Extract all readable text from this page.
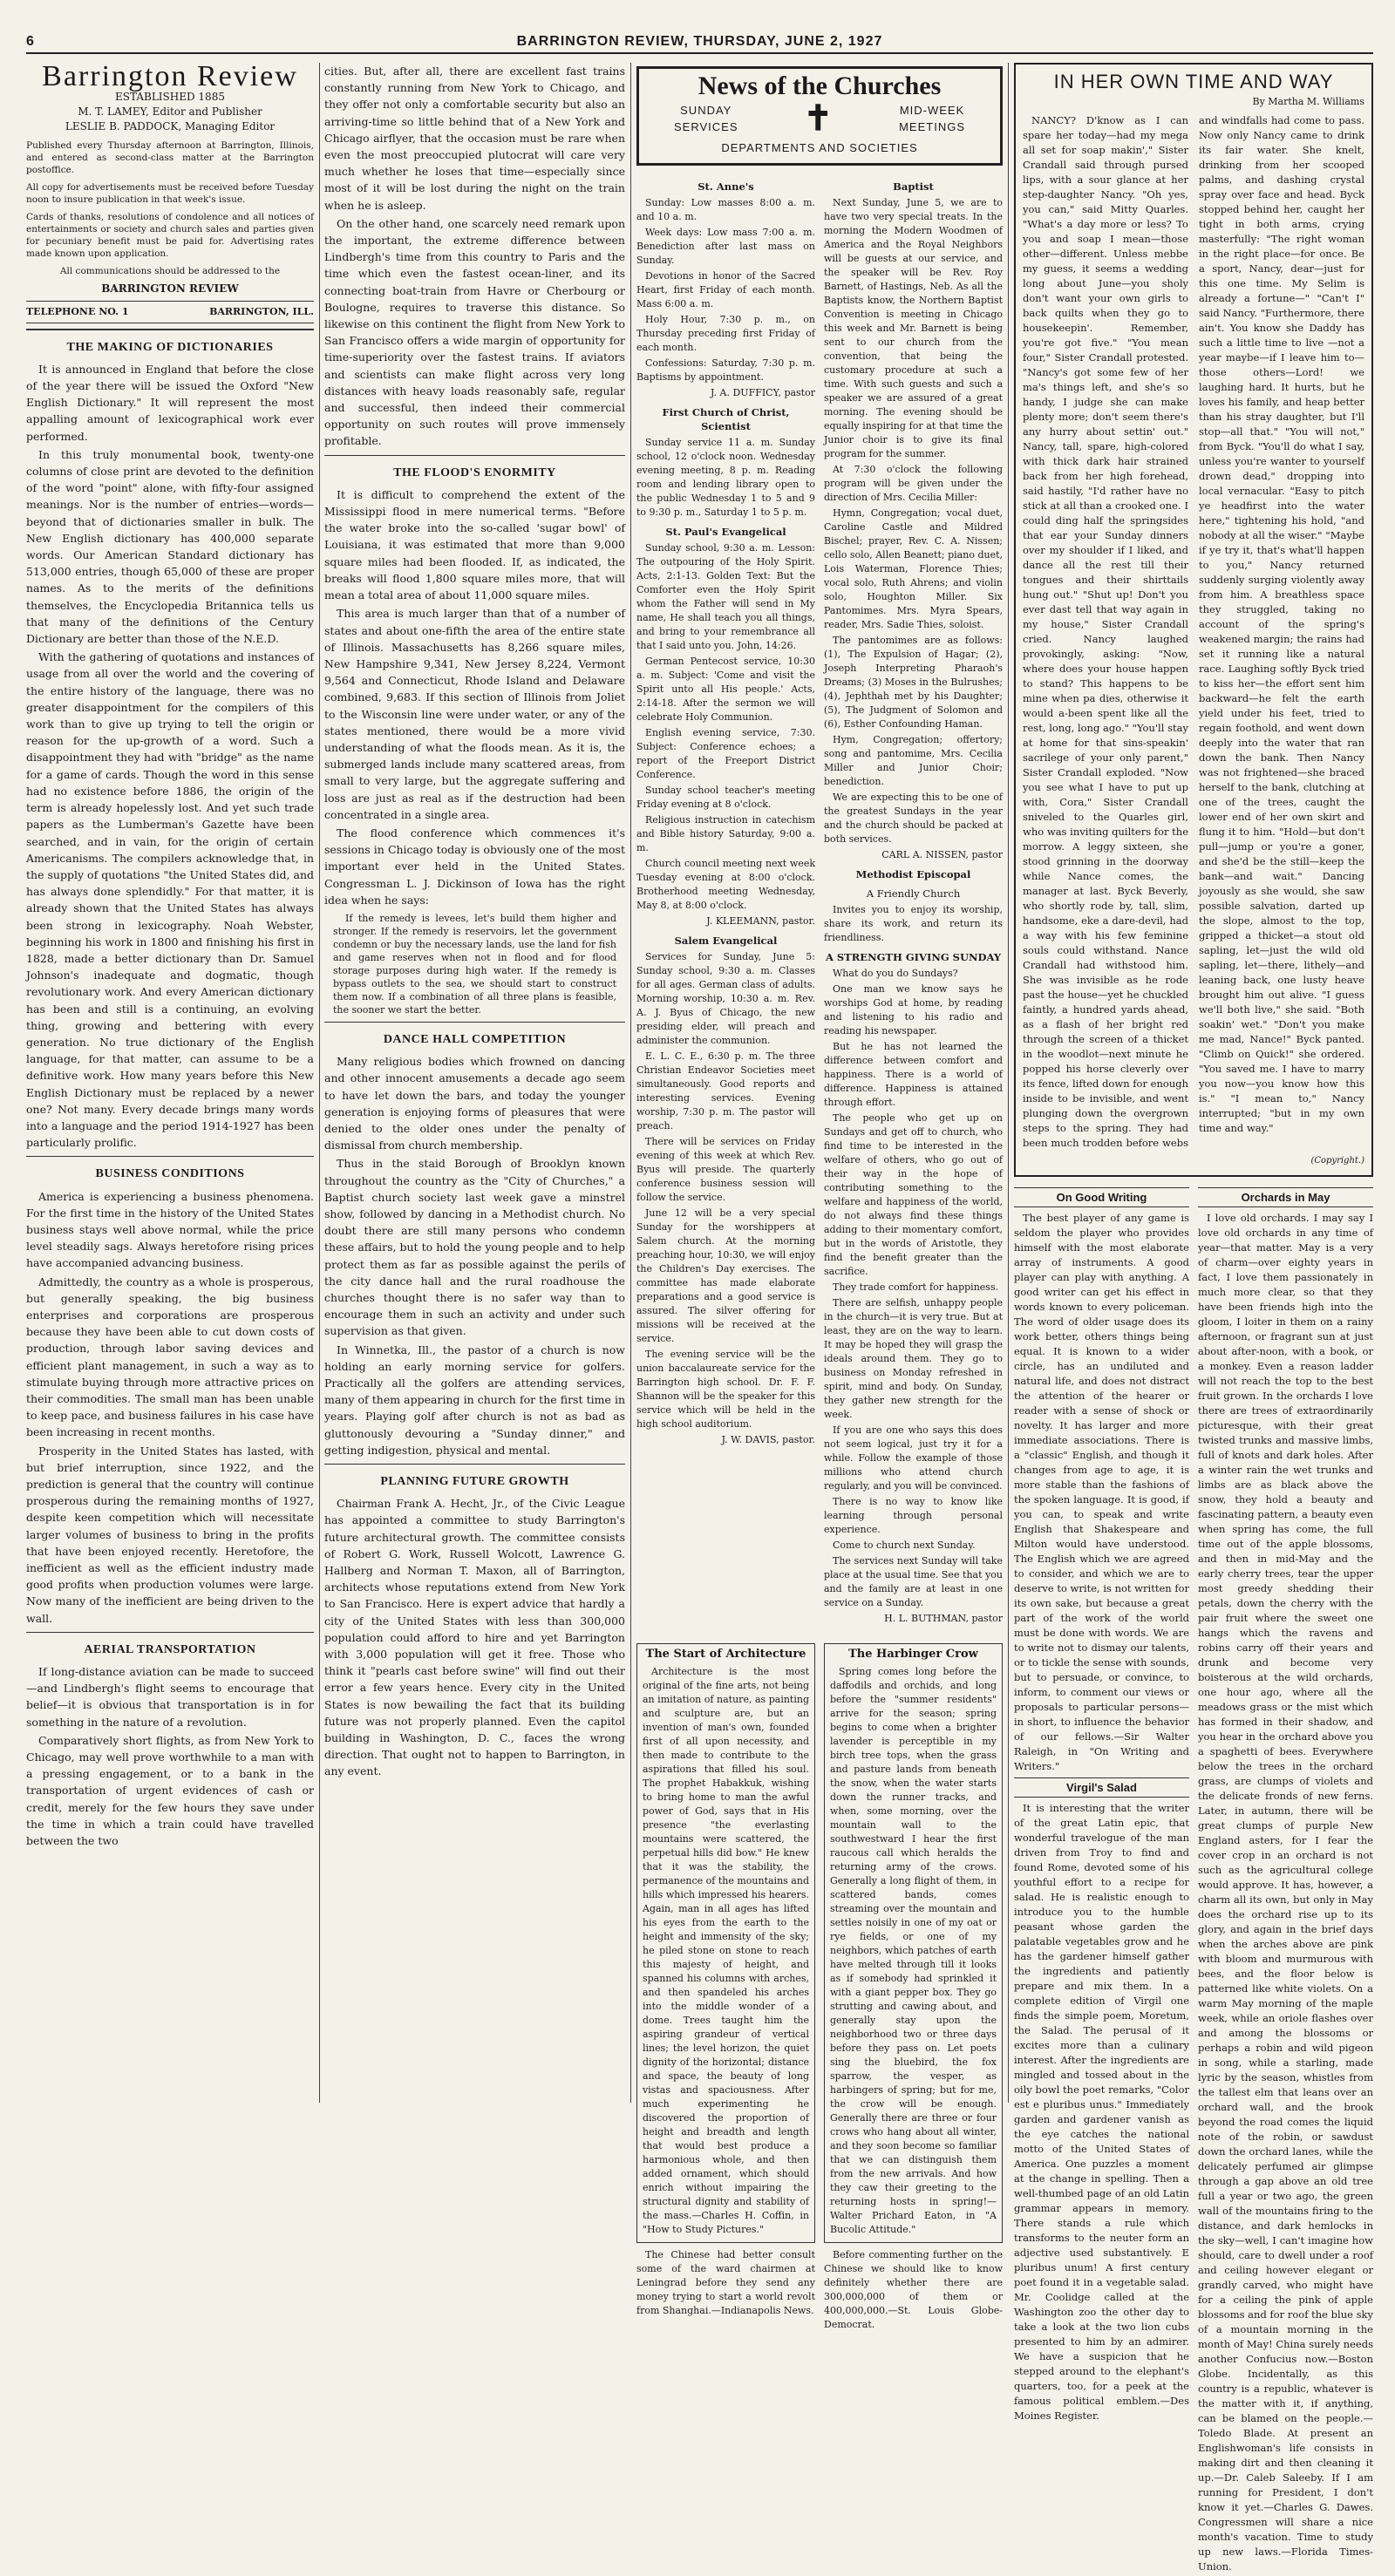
6	BARRINGTON REVIEW, THURSDAY, JUNE 2, 1927
Barrington Review
ESTABLISHED 1885
M. T. LAMEY, Editor and Publisher
LESLIE B. PADDOCK, Managing Editor
Published every Thursday afternoon at Barrington, Illinois, and entered as second-class matter at the Barrington postoffice.
All copy for advertisements must be received before Tuesday noon to insure publication in that week's issue.
Cards of thanks, resolutions of condolence and all notices of entertainments or society and church sales and parties given for pecuniary benefit must be paid for. Advertising rates made known upon application.
All communications should be addressed to the
BARRINGTON REVIEW
TELEPHONE NO. 1	BARRINGTON, ILL.
THE MAKING OF DICTIONARIES

It is announced in England that before the close of the year there will be issued the Oxford "New English Dictionary." It will represent the most appalling amount of lexicographical work ever performed.

In this truly monumental book, twenty-one columns of close print are devoted to the definition of the word "point" alone, with fifty-four assigned meanings. Nor is the number of entries—words—beyond that of dictionaries smaller in bulk. The New English dictionary has 400,000 separate words. Our American Standard dictionary has 513,000 entries, though 65,000 of these are proper names. As to the merits of the definitions themselves, the Encyclopedia Britannica tells us that many of the definitions of the Century Dictionary are better than those of the N.E.D.

With the gathering of quotations and instances of usage from all over the world and the covering of the entire history of the language, there was no greater disappointment for the compilers of this work than to give up trying to tell the origin or reason for the up-growth of a word. Such a disappointment they had with "bridge" as the name for a game of cards. Though the word in this sense had no existence before 1886, the origin of the term is already hopelessly lost. And yet such trade papers as the Lumberman's Gazette have been searched, and in vain, for the origin of certain Americanisms. The compilers acknowledge that, in the supply of quotations "the United States did, and has always done splendidly." For that matter, it is already shown that the United States has always been strong in lexicography. Noah Webster, beginning his work in 1800 and finishing his first in 1828, made a better dictionary than Dr. Samuel Johnson's inadequate and dogmatic, though revolutionary work. And every American dictionary has been and still is a continuing, an evolving thing, growing and bettering with every generation. No true dictionary of the English language, for that matter, can assume to be a definitive work. How many years before this New English Dictionary must be replaced by a newer one? Not many. Every decade brings many words into a language and the period 1914-1927 has been particularly prolific.

BUSINESS CONDITIONS

America is experiencing a business phenomena. For the first time in the history of the United States business stays well above normal, while the price level steadily sags. Always heretofore rising prices have accompanied advancing business.

Admittedly, the country as a whole is prosperous, but generally speaking, the big business enterprises and corporations are prosperous because they have been able to cut down costs of production, through labor saving devices and efficient plant management, in such a way as to stimulate buying through more attractive prices on their commodities. The small man has been unable to keep pace, and business failures in his case have been increasing in recent months.

Prosperity in the United States has lasted, with but brief interruption, since 1922, and the prediction is general that the country will continue prosperous during the remaining months of 1927, despite keen competition which will necessitate larger volumes of business to bring in the profits that have been enjoyed recently. Heretofore, the inefficient as well as the efficient industry made good profits when production volumes were large. Now many of the inefficient are being driven to the wall.

AERIAL TRANSPORTATION

If long-distance aviation can be made to succeed—and Lindbergh's flight seems to encourage that belief—it is obvious that transportation is in for something in the nature of a revolution.

Comparatively short flights, as from New York to Chicago, may well prove worthwhile to a man with a pressing engagement, or to a bank in the transportation of urgent evidences of cash or credit, merely for the few hours they save under the time in which a train could have travelled between the two

cities. But, after all, there are excellent fast trains constantly running from New York to Chicago, and they offer not only a comfortable security but also an arriving-time so little behind that of a New York and Chicago airflyer, that the occasion must be rare when even the most preoccupied plutocrat will care very much whether he loses that time—especially since most of it will be lost during the night on the train when he is asleep.

On the other hand, one scarcely need remark upon the important, the extreme difference between Lindbergh's time from this country to Paris and the time which even the fastest ocean-liner, and its connecting boat-train from Havre or Cherbourg or Boulogne, requires to traverse this distance. So likewise on this continent the flight from New York to San Francisco offers a wide margin of opportunity for time-superiority over the fastest trains. If aviators and scientists can make flight across very long distances with heavy loads reasonably safe, regular and successful, then indeed their commercial opportunity on such routes will prove immensely profitable.

THE FLOOD'S ENORMITY

It is difficult to comprehend the extent of the Mississippi flood in mere numerical terms. "Before the water broke into the so-called 'sugar bowl' of Louisiana, it was estimated that more than 9,000 square miles had been flooded. If, as indicated, the breaks will flood 1,800 square miles more, that will mean a total area of about 11,000 square miles.

This area is much larger than that of a number of states and about one-fifth the area of the entire state of Illinois. Massachusetts has 8,266 square miles, New Hampshire 9,341, New Jersey 8,224, Vermont 9,564 and Connecticut, Rhode Island and Delaware combined, 9,683. If this section of Illinois from Joliet to the Wisconsin line were under water, or any of the states mentioned, there would be a more vivid understanding of what the floods mean. As it is, the submerged lands include many scattered areas, from small to very large, but the aggregate suffering and loss are just as real as if the destruction had been concentrated in a single area.

The flood conference which commences it's sessions in Chicago today is obviously one of the most important ever held in the United States. Congressman L. J. Dickinson of Iowa has the right idea when he says:

If the remedy is levees, let's build them higher and stronger. If the remedy is reservoirs, let the government condemn or buy the necessary lands, use the land for fish and game reserves when not in flood and for flood storage purposes during high water. If the remedy is bypass outlets to the sea, we should start to construct them now. If a combination of all three plans is feasible, the sooner we start the better.

DANCE HALL COMPETITION

Many religious bodies which frowned on dancing and other innocent amusements a decade ago seem to have let down the bars, and today the younger generation is enjoying forms of pleasures that were denied to the older ones under the penalty of dismissal from church membership.

Thus in the staid Borough of Brooklyn known throughout the country as the "City of Churches," a Baptist church society last week gave a minstrel show, followed by dancing in a Methodist church. No doubt there are still many persons who condemn these affairs, but to hold the young people and to help protect them as far as possible against the perils of the city dance hall and the rural roadhouse the churches thought there is no safer way than to encourage them in such an activity and under such supervision as that given.

In Winnetka, Ill., the pastor of a church is now holding an early morning service for golfers. Practically all the golfers are attending services, many of them appearing in church for the first time in years. Playing golf after church is not as bad as gluttonously devouring a "Sunday dinner," and getting indigestion, physical and mental.

PLANNING FUTURE GROWTH

Chairman Frank A. Hecht, Jr., of the Civic League has appointed a committee to study Barrington's future architectural growth. The committee consists of Robert G. Work, Russell Wolcott, Lawrence G. Hallberg and Norman T. Maxon, all of Barrington, architects whose reputations extend from New York to San Francisco. Here is expert advice that hardly a city of the United States with less than 300,000 population could afford to hire and yet Barrington with 3,000 population will get it free. Those who think it "pearls cast before swine" will find out their error a few years hence. Every city in the United States is now bewailing the fact that its building future was not properly planned. Even the capitol building in Washington, D. C., faces the wrong direction. That ought not to happen to Barrington, in any event.

News of the Churches
SUNDAY
SERVICES ✝	MID-WEEK
MEETINGS
DEPARTMENTS AND SOCIETIES
St. Anne's

Sunday: Low masses 8:00 a. m. and 10 a. m.

Week days: Low mass 7:00 a. m. Benediction after last mass on Sunday.

Devotions in honor of the Sacred Heart, first Friday of each month. Mass 6:00 a. m.

Holy Hour, 7:30 p. m., on Thursday preceding first Friday of each month.

Confessions: Saturday, 7:30 p. m. Baptisms by appointment.

J. A. DUFFICY, pastor
First Church of Christ, Scientist

Sunday service 11 a. m. Sunday school, 12 o'clock noon. Wednesday evening meeting, 8 p. m. Reading room and lending library open to the public Wednesday 1 to 5 and 9 to 9:30 p. m., Saturday 1 to 5 p. m.

St. Paul's Evangelical

Sunday school, 9:30 a. m. Lesson: The outpouring of the Holy Spirit. Acts, 2:1-13. Golden Text: But the Comforter even the Holy Spirit whom the Father will send in My name, He shall teach you all things, and bring to your remembrance all that I said unto you. John, 14:26.

German Pentecost service, 10:30 a. m. Subject: 'Come and visit the Spirit unto all His people.' Acts, 2:14-18. After the sermon we will celebrate Holy Communion.

English evening service, 7:30. Subject: Conference echoes; a report of the Freeport District Conference.

Sunday school teacher's meeting Friday evening at 8 o'clock.

Religious instruction in catechism and Bible history Saturday, 9:00 a. m.

Church council meeting next week Tuesday evening at 8:00 o'clock. Brotherhood meeting Wednesday, May 8, at 8:00 o'clock.

J. KLEEMANN, pastor.
Salem Evangelical

Services for Sunday, June 5: Sunday school, 9:30 a. m. Classes for all ages. German class of adults. Morning worship, 10:30 a. m. Rev. A. J. Byus of Chicago, the new presiding elder, will preach and administer the communion.

E. L. C. E., 6:30 p. m. The three Christian Endeavor Societies meet simultaneously. Good reports and interesting services. Evening worship, 7:30 p. m. The pastor will preach.

There will be services on Friday evening of this week at which Rev. Byus will preside. The quarterly conference business session will follow the service.

June 12 will be a very special Sunday for the worshippers at Salem church. At the morning preaching hour, 10:30, we will enjoy the Children's Day exercises. The committee has made elaborate preparations and a good service is assured. The silver offering for missions will be received at the service.

The evening service will be the union baccalaureate service for the Barrington high school. Dr. F. F. Shannon will be the speaker for this service which will be held in the high school auditorium.

J. W. DAVIS, pastor.
Baptist

Next Sunday, June 5, we are to have two very special treats. In the morning the Modern Woodmen of America and the Royal Neighbors will be guests at our service, and the speaker will be Rev. Roy Barnett, of Hastings, Neb. As all the Baptists know, the Northern Baptist Convention is meeting in Chicago this week and Mr. Barnett is being sent to our church from the convention, that being the customary procedure at such a time. With such guests and such a speaker we are assured of a great morning. The evening should be equally inspiring for at that time the Junior choir is to give its final program for the summer.

At 7:30 o'clock the following program will be given under the direction of Mrs. Cecilia Miller:

Hymn, Congregation; vocal duet, Caroline Castle and Mildred Bischel; prayer, Rev. C. A. Nissen; cello solo, Allen Beanett; piano duet, Lois Waterman, Florence Thies; vocal solo, Ruth Ahrens; and violin solo, Houghton Miller. Six Pantomimes. Mrs. Myra Spears, reader, Mrs. Sadie Thies, soloist.

The pantomimes are as follows: (1), The Expulsion of Hagar; (2), Joseph Interpreting Pharaoh's Dreams; (3) Moses in the Bulrushes; (4), Jephthah met by his Daughter; (5), The Judgment of Solomon and (6), Esther Confounding Haman.

Hym, Congregation; offertory; song and pantomime, Mrs. Cecilia Miller and Junior Choir; benediction.

We are expecting this to be one of the greatest Sundays in the year and the church should be packed at both services.

CARL A. NISSEN, pastor
Methodist Episcopal
A Friendly Church

Invites you to enjoy its worship, share its work, and return its friendliness.

A STRENGTH GIVING SUNDAY

What do you do Sundays?

One man we know says he worships God at home, by reading and listening to his radio and reading his newspaper.

But he has not learned the difference between comfort and happiness. There is a world of difference. Happiness is attained through effort.

The people who get up on Sundays and get off to church, who find time to be interested in the welfare of others, who go out of their way in the hope of contributing something to the welfare and happiness of the world, do not always find these things adding to their momentary comfort, but in the words of Aristotle, they find the benefit greater than the sacrifice.

They trade comfort for happiness.

There are selfish, unhappy people in the church—it is very true. But at least, they are on the way to learn. It may be hoped they will grasp the ideals around them. They go to business on Monday refreshed in spirit, mind and body. On Sunday, they gather new strength for the week.

If you are one who says this does not seem logical, just try it for a while. Follow the example of those millions who attend church regularly, and you will be convinced.

There is no way to know like learning through personal experience.

Come to church next Sunday.

The services next Sunday will take place at the usual time. See that you and the family are at least in one service on a Sunday.

H. L. BUTHMAN, pastor
The Start of Architecture

Architecture is the most original of the fine arts, not being an imitation of nature, as painting and sculpture are, but an invention of man's own, founded first of all upon necessity, and then made to contribute to the aspirations that filled his soul. The prophet Habakkuk, wishing to bring home to man the awful power of God, says that in His presence "the everlasting mountains were scattered, the perpetual hills did bow." He knew that it was the stability, the permanence of the mountains and hills which impressed his hearers. Again, man in all ages has lifted his eyes from the earth to the height and immensity of the sky; he piled stone on stone to reach this majesty of height, and spanned his columns with arches, and then spandeled his arches into the middle wonder of a dome. Trees taught him the aspiring grandeur of vertical lines; the level horizon, the quiet dignity of the horizontal; distance and space, the beauty of long vistas and spaciousness. After much experimenting he discovered the proportion of height and breadth and length that would best produce a harmonious whole, and then added ornament, which should enrich without impairing the structural dignity and stability of the mass.—Charles H. Coffin, in "How to Study Pictures."

The Chinese had better consult some of the ward chairmen at Leningrad before they send any money trying to start a world revolt from Shanghai.—Indianapolis News.

The Harbinger Crow

Spring comes long before the daffodils and orchids, and long before the "summer residents" arrive for the season; spring begins to come when a brighter lavender is perceptible in my birch tree tops, when the grass and pasture lands from beneath the snow, when the water starts down the runner tracks, and when, some morning, over the mountain wall to the southwestward I hear the first raucous call which heralds the returning army of the crows. Generally a long flight of them, in scattered bands, comes streaming over the mountain and settles noisily in one of my oat or rye fields, or one of my neighbors, which patches of earth have melted through till it looks as if somebody had sprinkled it with a giant pepper box. They go strutting and cawing about, and generally stay upon the neighborhood two or three days before they pass on. Let poets sing the bluebird, the fox sparrow, the vesper, as harbingers of spring; but for me, the crow will be enough. Generally there are three or four crows who hang about all winter, and they soon become so familiar that we can distinguish them from the new arrivals. And how they caw their greeting to the returning hosts in spring!—Walter Prichard Eaton, in "A Bucolic Attitude."

Before commenting further on the Chinese we should like to know definitely whether there are 300,000,000 of them or 400,000,000.—St. Louis Globe-Democrat.

IN HER OWN TIME AND WAY
By Martha M. Williams

NANCY? D'know as I can spare her today—had my mega all set for soap makin'," Sister Crandall said through pursed lips, with a sour glance at her step-daughter Nancy. "Oh yes, you can," said Mitty Quarles. "What's a day more or less? To you and soap I mean—those other—different. Unless mebbe my guess, it seems a wedding long about June—you sholy don't want your own girls to back quilts when they go to housekeepin'. Remember, you're got five." "You mean four," Sister Crandall protested. "Nancy's got some few of her ma's things left, and she's so handy, I judge she can make plenty more; don't seem there's any hurry about settin' out." Nancy, tall, spare, high-colored with thick dark hair strained back from her high forehead, said hastily, "I'd rather have no stick at all than a crooked one. I could ding half the springsides that ear your Sunday dinners over my shoulder if I liked, and dance all the rest till their tongues and their shirttails hung out." "Shut up! Don't you ever dast tell that way again in my house," Sister Crandall cried. Nancy laughed provokingly, asking: "Now, where does your house happen to stand? This happens to be mine when pa dies, otherwise it would a-been spent like all the rest, long, long ago." "You'll stay at home for that sins-speakin' sacrilege of your only parent," Sister Crandall exploded. "Now you see what I have to put up with, Cora," Sister Crandall sniveled to the Quarles girl, who was inviting quilters for the morrow. A leggy sixteen, she stood grinning in the doorway while Nance comes, the manager at last. Byck Beverly, who shortly rode by, tall, slim, handsome, eke a dare-devil, had a way with his few feminine souls could withstand. Nance Crandall had withstood him. She was invisible as he rode past the house—yet he chuckled faintly, a hundred yards ahead, as a flash of her bright red through the screen of a thicket in the woodlot—next minute he popped his horse cleverly over its fence, lifted down for enough inside to be invisible, and went plunging down the overgrown steps to the spring. They had been much trodden before webs and windfalls had come to pass. Now only Nancy came to drink its fair water. She knelt, drinking from her scooped palms, and dashing crystal spray over face and head. Byck stopped behind her, caught her tight in both arms, crying masterfully: "The right woman in the right place—for once. Be a sport, Nancy, dear—just for this one time. My Selim is already a fortune—" "Can't I" said Nancy. "Furthermore, there ain't. You know she Daddy has such a little time to live —not a year maybe—if I leave him to—those others—Lord! we laughing hard. It hurts, but he loves his family, and heap better than his stray daughter, but I'll stop—all that." "You will not," from Byck. "You'll do what I say, unless you're wanter to yourself drown dead," dropping into local vernacular. "Easy to pitch ye headfirst into the water here," tightening his hold, "and nobody at all the wiser." "Maybe if ye try it, that's what'll happen to you," Nancy returned suddenly surging violently away from him. A breathless space they struggled, taking no account of the spring's weakened margin; the rains had set it running like a natural race. Laughing softly Byck tried to kiss her—the effort sent him backward—he felt the earth yield under his feet, tried to regain foothold, and went down deeply into the water that ran down the bank. Then Nancy was not frightened—she braced herself to the bank, clutching at one of the trees, caught the lower end of her own skirt and flung it to him. "Hold—but don't pull—jump or you're a goner, and she'd be the still—keep the bank—and wait." Dancing joyously as she would, she saw possible salvation, darted up the slope, almost to the top, gripped a thicket—a stout old sapling, let—just the wild old sapling, let—there, lithely—and leaning back, one lusty heave brought him out alive. "I guess we'll both live," she said. "Both soakin' wet." "Don't you make me mad, Nance!" Byck panted. "Climb on Quick!" she ordered. "You saved me. I have to marry you now—you know how this is." "I mean to," Nancy interrupted; "but in my own time and way."

(Copyright.)
On Good Writing

The best player of any game is seldom the player who provides himself with the most elaborate array of instruments. A good player can play with anything. A good writer can get his effect in words known to every policeman. The word of older usage does its work better, others things being equal. It is known to a wider circle, has an undiluted and natural life, and does not distract the attention of the hearer or reader with a sense of shock or novelty. It has larger and more immediate associations. There is a "classic" English, and though it changes from age to age, it is more stable than the fashions of the spoken language. It is good, if you can, to speak and write English that Shakespeare and Milton would have understood. The English which we are agreed to consider, and which we are to deserve to write, is not written for its own sake, but because a great part of the work of the world must be done with words. We are to write not to dismay our talents, or to tickle the sense with sounds, but to persuade, or convince, to inform, to comment our views or proposals to particular persons—in short, to influence the behavior of our fellows.—Sir Walter Raleigh, in "On Writing and Writers."

Virgil's Salad

It is interesting that the writer of the great Latin epic, that wonderful travelogue of the man driven from Troy to find and found Rome, devoted some of his youthful effort to a recipe for salad. He is realistic enough to introduce you to the humble peasant whose garden the palatable vegetables grow and he has the gardener himself gather the ingredients and patiently prepare and mix them. In a complete edition of Virgil one finds the simple poem, Moretum, the Salad. The perusal of it excites more than a culinary interest. After the ingredients are mingled and tossed about in the oily bowl the poet remarks, "Color est e pluribus unus." Immediately garden and gardener vanish as the eye catches the national motto of the United States of America. One puzzles a moment at the change in spelling. Then a well-thumbed page of an old Latin grammar appears in memory. There stands a rule which transforms to the neuter form an adjective used substantively. E pluribus unum! A first century poet found it in a vegetable salad. Mr. Coolidge called at the Washington zoo the other day to take a look at the two lion cubs presented to him by an admirer. We have a suspicion that he stepped around to the elephant's quarters, too, for a peek at the famous political emblem.—Des Moines Register.

Orchards in May

I love old orchards. I may say I love old orchards in any time of year—that matter. May is a very of charm—over eighty years in fact, I love them passionately in much more clear, so that they have been friends high into the gloom, I loiter in them on a rainy afternoon, or fragrant sun at just about after-noon, with a book, or a monkey. Even a reason ladder will not reach the top to the best fruit grown. In the orchards I love there are trees of extraordinarily picturesque, with their great twisted trunks and massive limbs, full of knots and dark holes. After a winter rain the wet trunks and limbs are as black above the snow, they hold a beauty and fascinating pattern, a beauty even when spring has come, the full time out of the apple blossoms, and then in mid-May and the early cherry trees, tear the upper most greedy shedding their petals, down the cherry with the pair fruit where the sweet one hangs which the ravens and robins carry off their years and drunk and become very boisterous at the wild orchards, one hour ago, where all the meadows grass or the mist which has formed in their shadow, and you hear in the orchard above you a spaghetti of bees. Everywhere below the trees in the orchard grass, are clumps of violets and the delicate fronds of new ferns. Later, in autumn, there will be great clumps of purple New England asters, for I fear the cover crop in an orchard is not such as the agricultural college would approve. It has, however, a charm all its own, but only in May does the orchard rise up to its glory, and again in the brief days when the arches above are pink with bloom and murmurous with bees, and the floor below is patterned like white violets. On a warm May morning of the maple week, while an oriole flashes over and among the blossoms or perhaps a robin and wild pigeon in song, while a starling, made lyric by the season, whistles from the tallest elm that leans over an orchard wall, and the brook beyond the road comes the liquid note of the robin, or sawdust down the orchard lanes, while the delicately perfumed air glimpse through a gap above an old tree full a year or two ago, the green wall of the mountains firing to the distance, and dark hemlocks in the sky—well, I can't imagine how should, care to dwell under a roof and ceiling however elegant or grandly carved, who might have for a ceiling the pink of apple blossoms and for roof the blue sky of a mountain morning in the month of May! China surely needs another Confucius now.—Boston Globe. Incidentally, as this country is a republic, whatever is the matter with it, if anything, can be blamed on the people.—Toledo Blade. At present an Englishwoman's life consists in making dirt and then cleaning it up.—Dr. Caleb Saleeby. If I am running for President, I don't know it yet.—Charles G. Dawes. Congressmen will share a nice month's vacation. Time to study up new laws.—Florida Times-Union.
